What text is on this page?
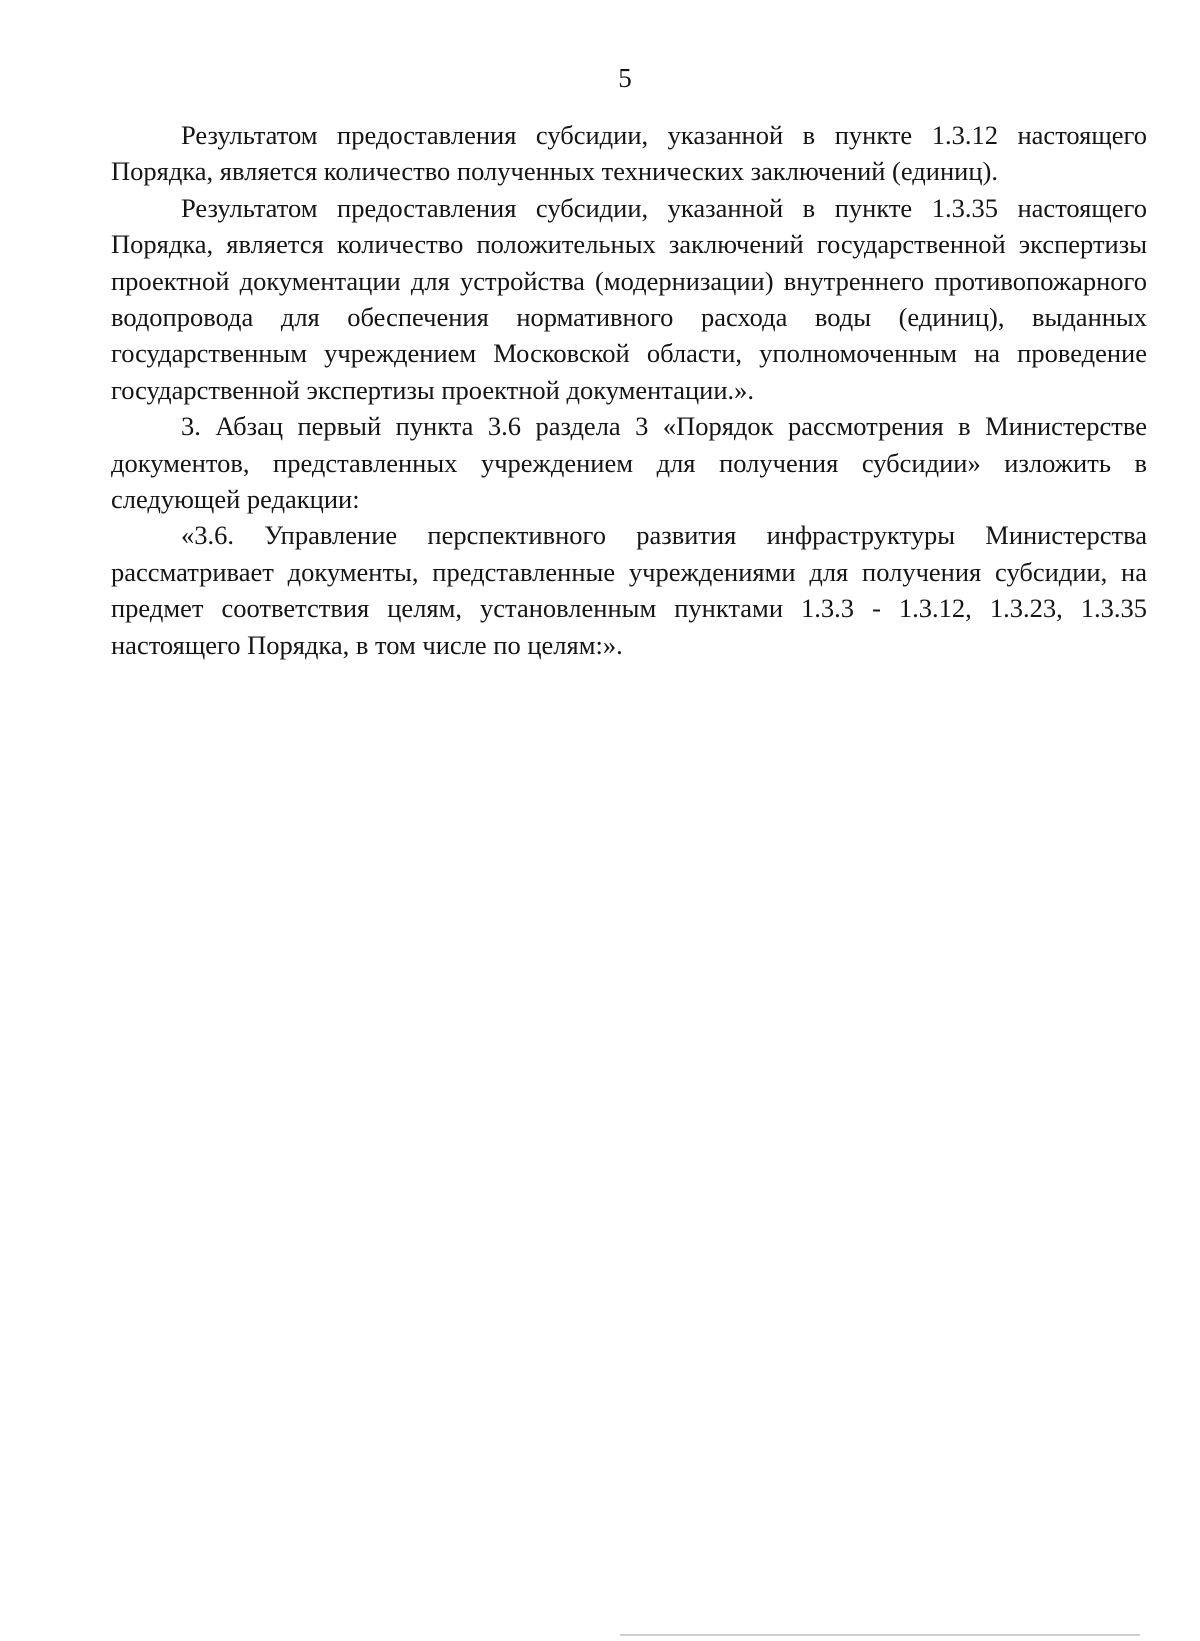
5

Результатом предоставления субсидии, указанной в пункте 1.3.12 настоящего Порядка, является количество полученных технических заключений (единиц).

Результатом предоставления субсидии, указанной в пункте 1.3.35 настоящего Порядка, является количество положительных заключений государственной экспертизы проектной документации для устройства (модернизации) внутреннего противопожарного водопровода для обеспечения нормативного расхода воды (единиц), выданных государственным учреждением Московской области, уполномоченным на проведение государственной экспертизы проектной документации.».

3. Абзац первый пункта 3.6 раздела 3 «Порядок рассмотрения в Министерстве документов, представленных учреждением для получения субсидии» изложить в следующей редакции:

«3.6. Управление перспективного развития инфраструктуры Министерства рассматривает документы, представленные учреждениями для получения субсидии, на предмет соответствия целям, установленным пунктами 1.3.3 - 1.3.12, 1.3.23, 1.3.35 настоящего Порядка, в том числе по целям:».
